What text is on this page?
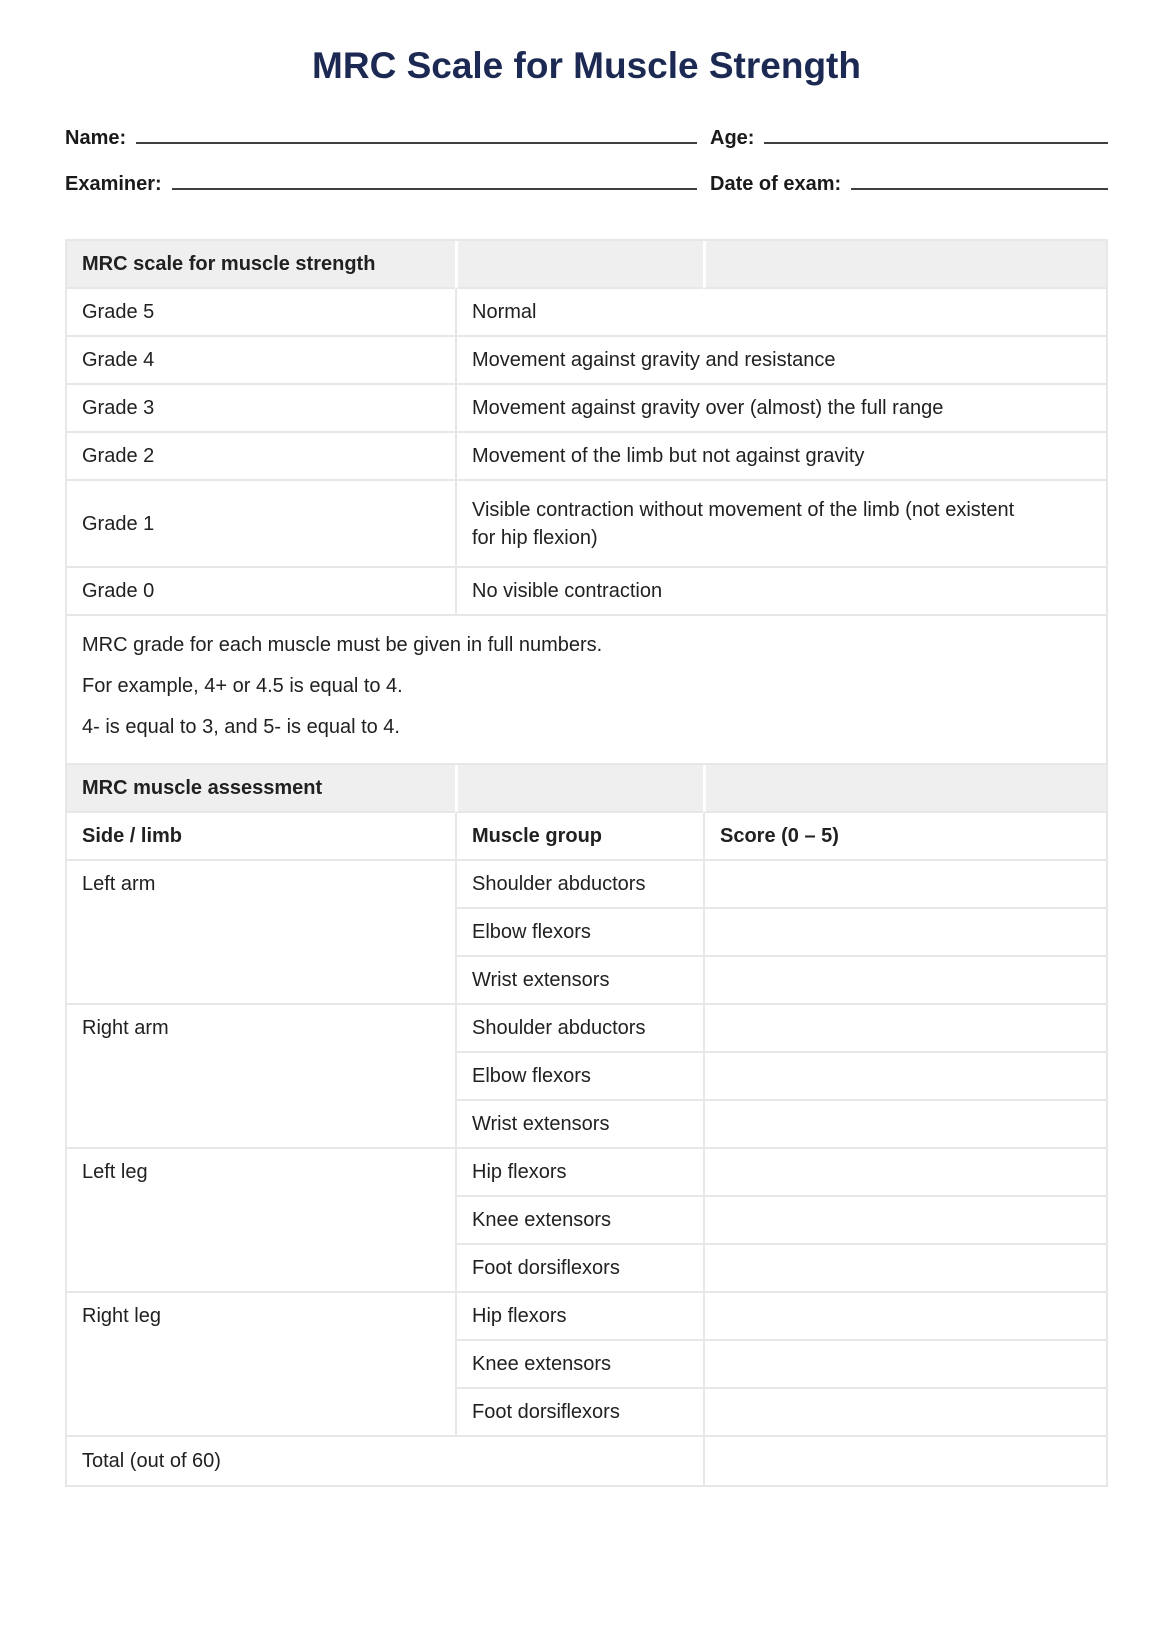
MRC Scale for Muscle Strength
Name:	Age:
Examiner:	Date of exam:
MRC scale for muscle strength		
Grade 5	Normal	
Grade 4	Movement against gravity and resistance	
Grade 3	Movement against gravity over (almost) the full range	
Grade 2	Movement of the limb but not against gravity	
Grade 1	Visible contraction without movement of the limb (not existent for hip flexion)	

Grade 0	No visible contraction	

MRC grade for each muscle must be given in full numbers.

For example, 4+ or 4.5 is equal to 4.

4- is equal to 3, and 5- is equal to 4.		

MRC muscle assessment		
Side / limb	Muscle group	Score (0 – 5)
Left arm	Shoulder abductors	
	Elbow flexors	
	Wrist extensors	
Right arm	Shoulder abductors	
	Elbow flexors	
	Wrist extensors	
Left leg	Hip flexors	
	Knee extensors	
	Foot dorsiflexors	
Right leg	Hip flexors	
	Knee extensors	
	Foot dorsiflexors	
Total (out of 60)		
